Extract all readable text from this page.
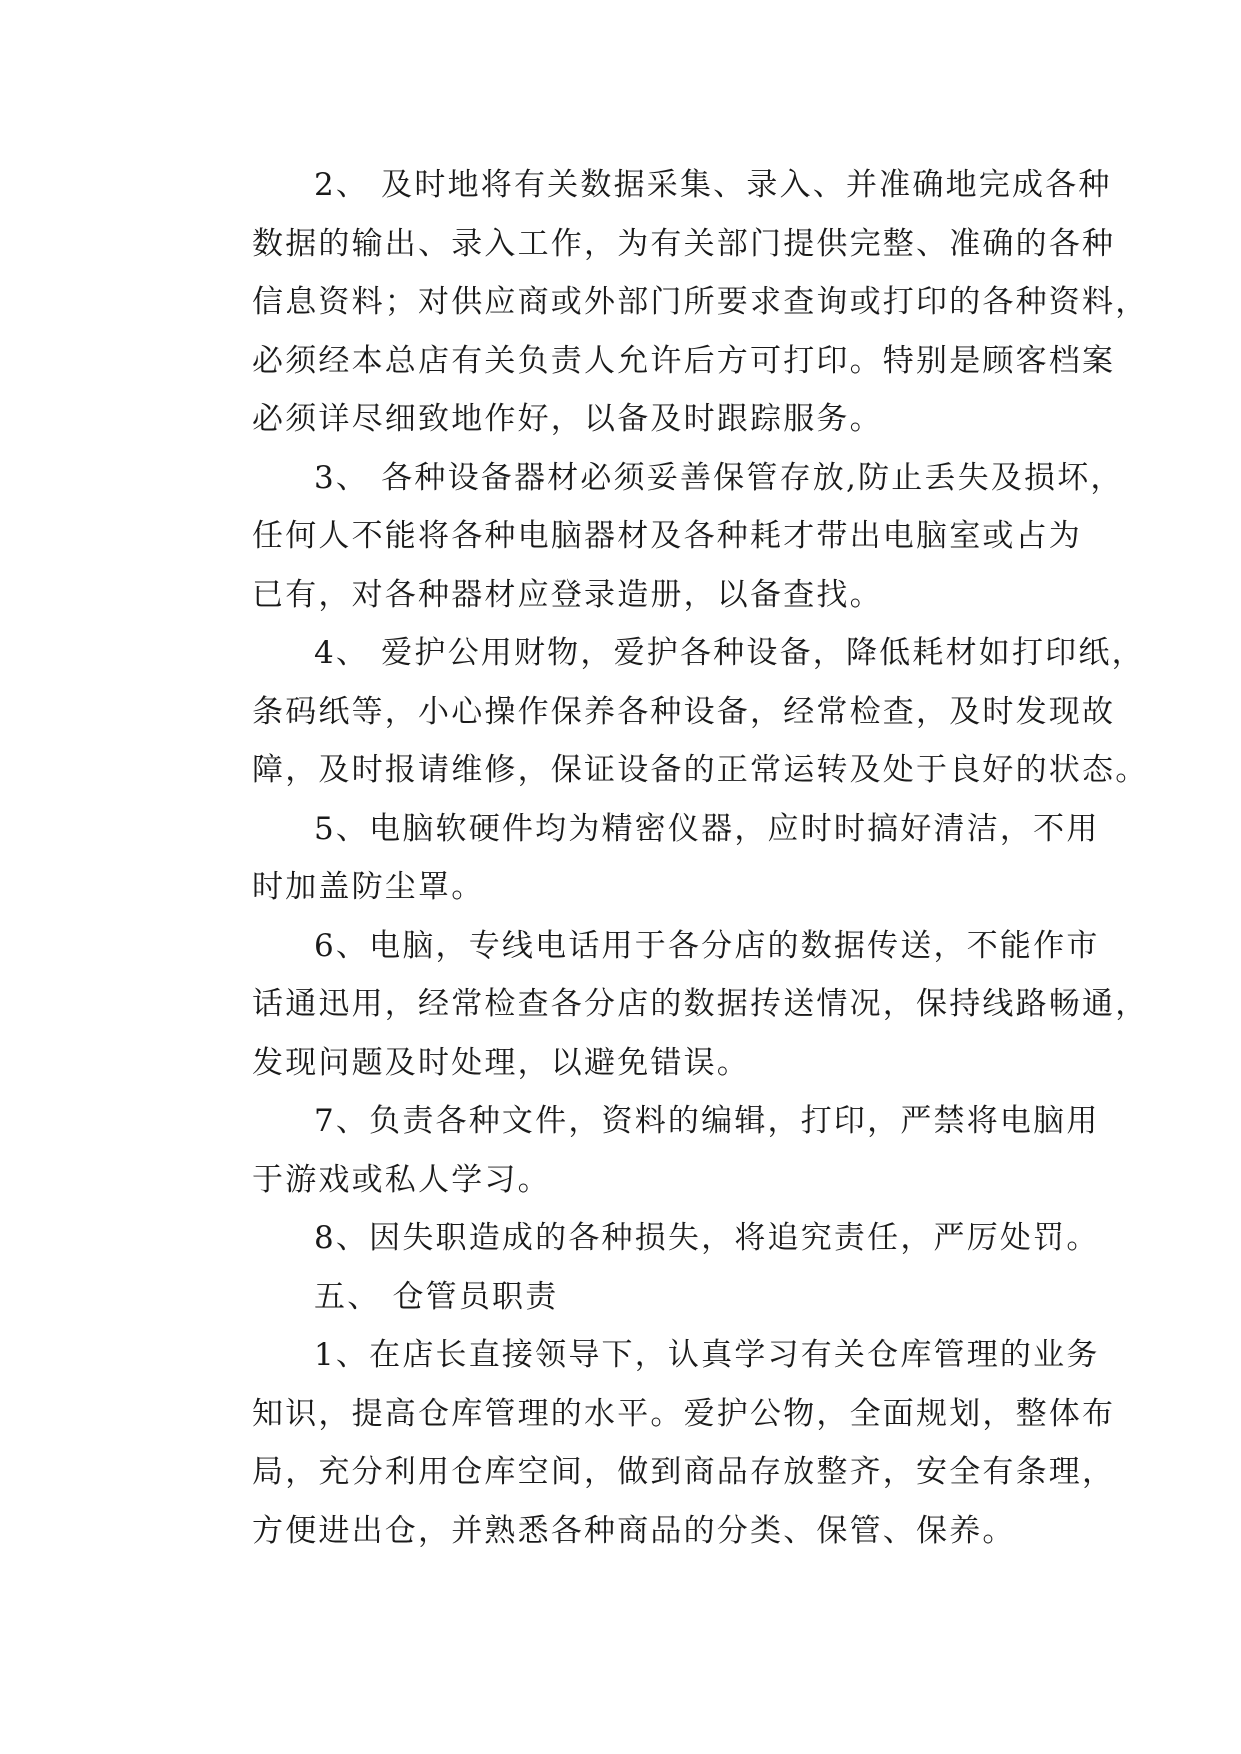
2、 及时地将有关数据采集、录入、并准确地完成各种
数据的输出、录入工作，为有关部门提供完整、准确的各种
信息资料；对供应商或外部门所要求查询或打印的各种资料，
必须经本总店有关负责人允许后方可打印。特别是顾客档案
必须详尽细致地作好，以备及时跟踪服务。
3、 各种设备器材必须妥善保管存放,防止丢失及损坏，
任何人不能将各种电脑器材及各种耗才带出电脑室或占为
已有，对各种器材应登录造册，以备查找。
4、 爱护公用财物，爱护各种设备，降低耗材如打印纸，
条码纸等，小心操作保养各种设备，经常检查，及时发现故
障，及时报请维修，保证设备的正常运转及处于良好的状态。
5、电脑软硬件均为精密仪器，应时时搞好清洁，不用
时加盖防尘罩。
6、电脑，专线电话用于各分店的数据传送，不能作市
话通迅用，经常检查各分店的数据抟送情况，保持线路畅通，
发现问题及时处理，以避免错误。
7、负责各种文件，资料的编辑，打印，严禁将电脑用
于游戏或私人学习。
8、因失职造成的各种损失，将追究责任，严厉处罚。
五、 仓管员职责
1、在店长直接领导下，认真学习有关仓库管理的业务
知识，提高仓库管理的水平。爱护公物，全面规划，整体布
局，充分利用仓库空间，做到商品存放整齐，安全有条理，
方便进出仓，并熟悉各种商品的分类、保管、保养。
